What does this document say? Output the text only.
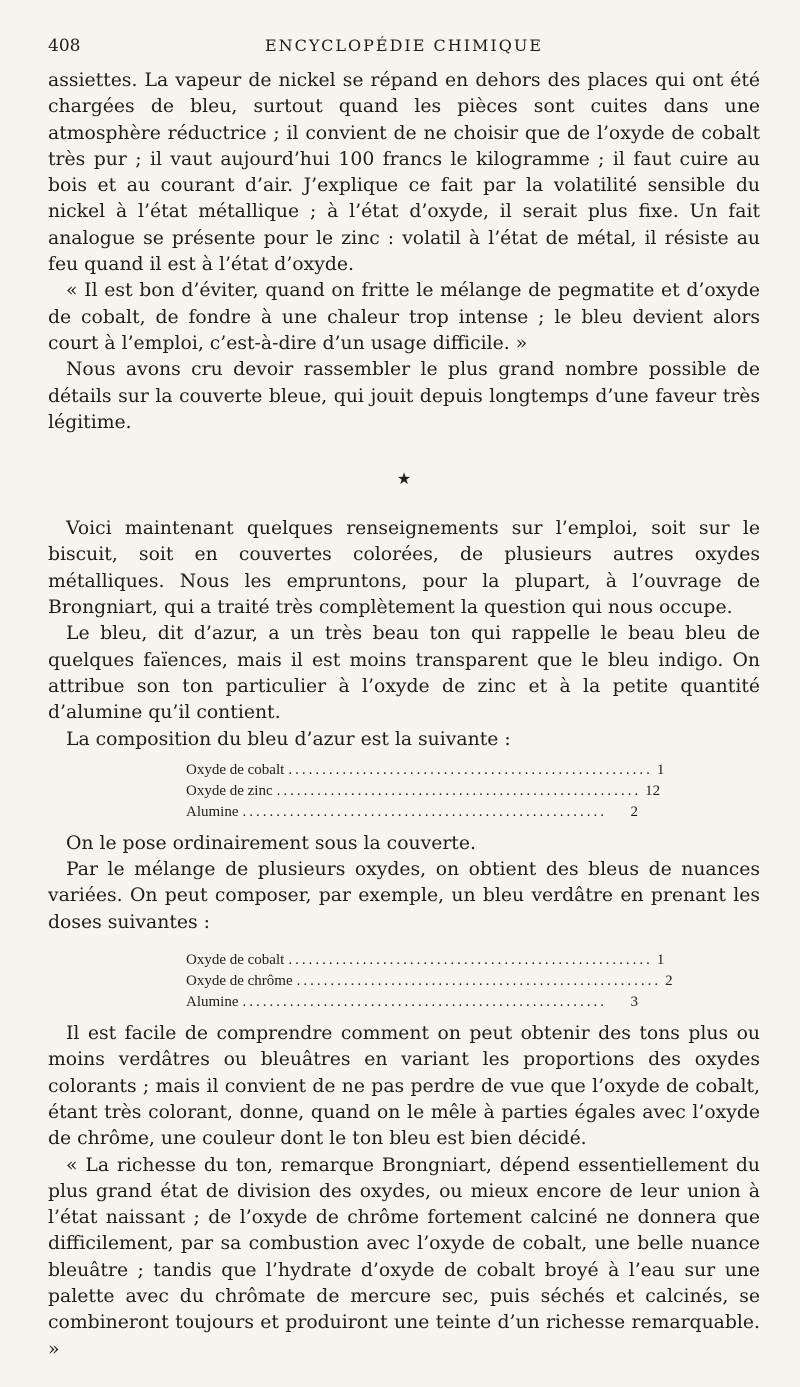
408	ENCYCLOPÉDIE CHIMIQUE

assiettes. La vapeur de nickel se répand en dehors des places qui ont été chargées de bleu, surtout quand les pièces sont cuites dans une atmosphère réductrice ; il convient de ne choisir que de l’oxyde de cobalt très pur ; il vaut aujourd’hui 100 francs le kilogramme ; il faut cuire au bois et au courant d’air. J’explique ce fait par la volatilité sensible du nickel à l’état métallique ; à l’état d’oxyde, il serait plus fixe. Un fait analogue se présente pour le zinc : volatil à l’état de métal, il résiste au feu quand il est à l’état d’oxyde.

« Il est bon d’éviter, quand on fritte le mélange de pegmatite et d’oxyde de cobalt, de fondre à une chaleur trop intense ; le bleu devient alors court à l’emploi, c’est-à-dire d’un usage difficile. »

Nous avons cru devoir rassembler le plus grand nombre possible de détails sur la couverte bleue, qui jouit depuis longtemps d’une faveur très légitime.

★

Voici maintenant quelques renseignements sur l’emploi, soit sur le biscuit, soit en couvertes colorées, de plusieurs autres oxydes métalliques. Nous les empruntons, pour la plupart, à l’ouvrage de Brongniart, qui a traité très complètement la question qui nous occupe.

Le bleu, dit d’azur, a un très beau ton qui rappelle le beau bleu de quelques faïences, mais il est moins transparent que le bleu indigo. On attribue son ton particulier à l’oxyde de zinc et à la petite quantité d’alumine qu’il contient.

La composition du bleu d’azur est la suivante :

Oxyde de cobalt ...................................................... 1
Oxyde de zinc ...................................................... 12
Alumine ......................................................	2

On le pose ordinairement sous la couverte.

Par le mélange de plusieurs oxydes, on obtient des bleus de nuances variées. On peut composer, par exemple, un bleu verdâtre en prenant les doses suivantes :

Oxyde de cobalt ...................................................... 1
Oxyde de chrôme ...................................................... 2
Alumine ......................................................	3

Il est facile de comprendre comment on peut obtenir des tons plus ou moins verdâtres ou bleuâtres en variant les proportions des oxydes colorants ; mais il convient de ne pas perdre de vue que l’oxyde de cobalt, étant très colorant, donne, quand on le mêle à parties égales avec l’oxyde de chrôme, une couleur dont le ton bleu est bien décidé.

« La richesse du ton, remarque Brongniart, dépend essentiellement du plus grand état de division des oxydes, ou mieux encore de leur union à l’état naissant ; de l’oxyde de chrôme fortement calciné ne donnera que difficilement, par sa combustion avec l’oxyde de cobalt, une belle nuance bleuâtre ; tandis que l’hydrate d’oxyde de cobalt broyé à l’eau sur une palette avec du chrômate de mercure sec, puis séchés et calcinés, se combineront toujours et produiront une teinte d’un richesse remarquable. »
